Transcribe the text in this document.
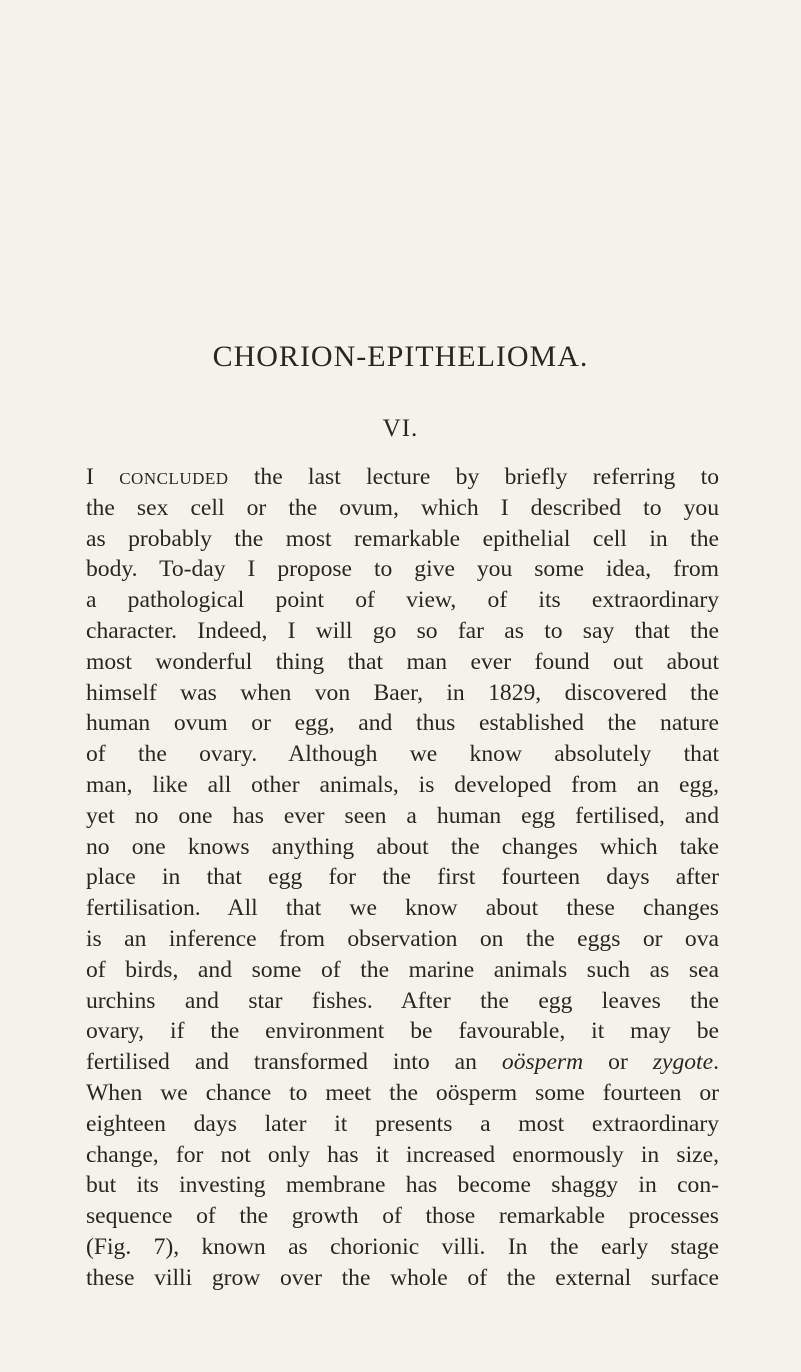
CHORION-EPITHELIOMA.
VI.
I concluded the last lecture by briefly referring to
the sex cell or the ovum, which I described to you
as probably the most remarkable epithelial cell in the
body. To-day I propose to give you some idea, from
a pathological point of view, of its extraordinary
character. Indeed, I will go so far as to say that the
most wonderful thing that man ever found out about
himself was when von Baer, in 1829, discovered the
human ovum or egg, and thus established the nature
of the ovary. Although we know absolutely that
man, like all other animals, is developed from an egg,
yet no one has ever seen a human egg fertilised, and
no one knows anything about the changes which take
place in that egg for the first fourteen days after
fertilisation. All that we know about these changes
is an inference from observation on the eggs or ova
of birds, and some of the marine animals such as sea
urchins and star fishes. After the egg leaves the
ovary, if the environment be favourable, it may be
fertilised and transformed into an oösperm or zygote.
When we chance to meet the oösperm some fourteen or
eighteen days later it presents a most extraordinary
change, for not only has it increased enormously in size,
but its investing membrane has become shaggy in con-
sequence of the growth of those remarkable processes
(Fig. 7), known as chorionic villi. In the early stage
these villi grow over the whole of the external surface
